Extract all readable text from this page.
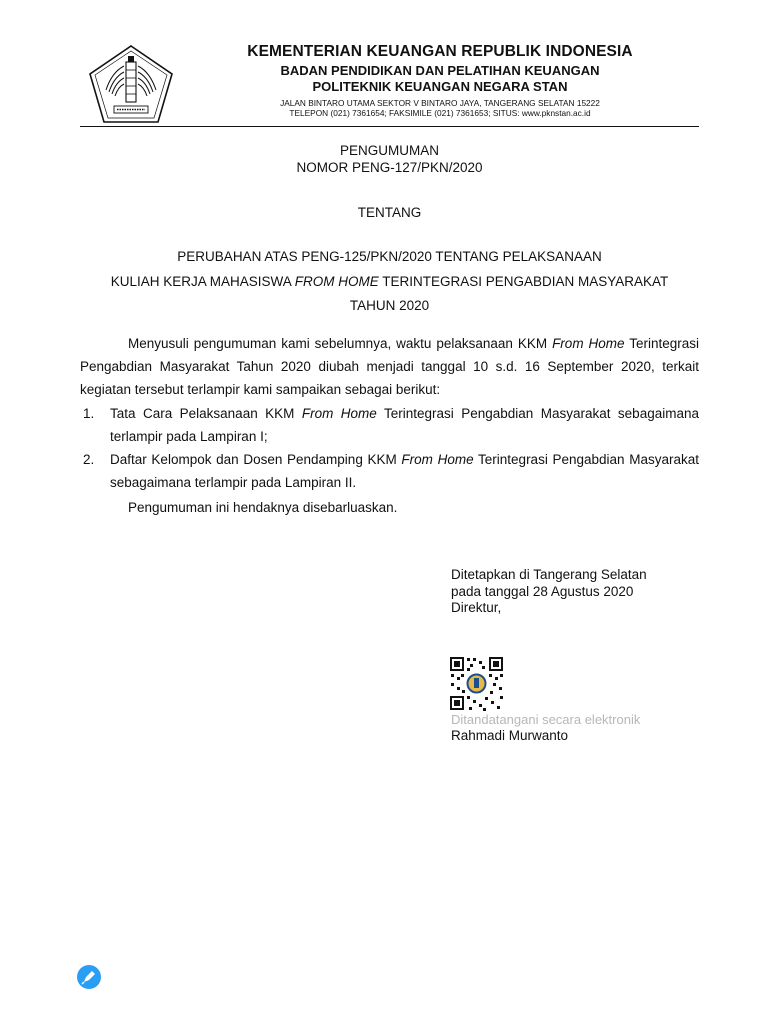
KEMENTERIAN KEUANGAN REPUBLIK INDONESIA
BADAN PENDIDIKAN DAN PELATIHAN KEUANGAN
POLITEKNIK KEUANGAN NEGARA STAN
JALAN BINTARO UTAMA SEKTOR V BINTARO JAYA, TANGERANG SELATAN 15222
TELEPON (021) 7361654; FAKSIMILE (021) 7361653; SITUS: www.pknstan.ac.id
PENGUMUMAN
NOMOR PENG-127/PKN/2020
TENTANG
PERUBAHAN ATAS PENG-125/PKN/2020 TENTANG PELAKSANAAN
KULIAH KERJA MAHASISWA FROM HOME TERINTEGRASI PENGABDIAN MASYARAKAT
TAHUN 2020
Menyusuli pengumuman kami sebelumnya, waktu pelaksanaan KKM From Home Terintegrasi Pengabdian Masyarakat Tahun 2020 diubah menjadi tanggal 10 s.d. 16 September 2020, terkait kegiatan tersebut terlampir kami sampaikan sebagai berikut:
1. Tata Cara Pelaksanaan KKM From Home Terintegrasi Pengabdian Masyarakat sebagaimana terlampir pada Lampiran I;
2. Daftar Kelompok dan Dosen Pendamping KKM From Home Terintegrasi Pengabdian Masyarakat sebagaimana terlampir pada Lampiran II.
Pengumuman ini hendaknya disebarluaskan.
Ditetapkan di Tangerang Selatan
pada tanggal 28 Agustus 2020
Direktur,
Ditandatangani secara elektronik
Rahmadi Murwanto
